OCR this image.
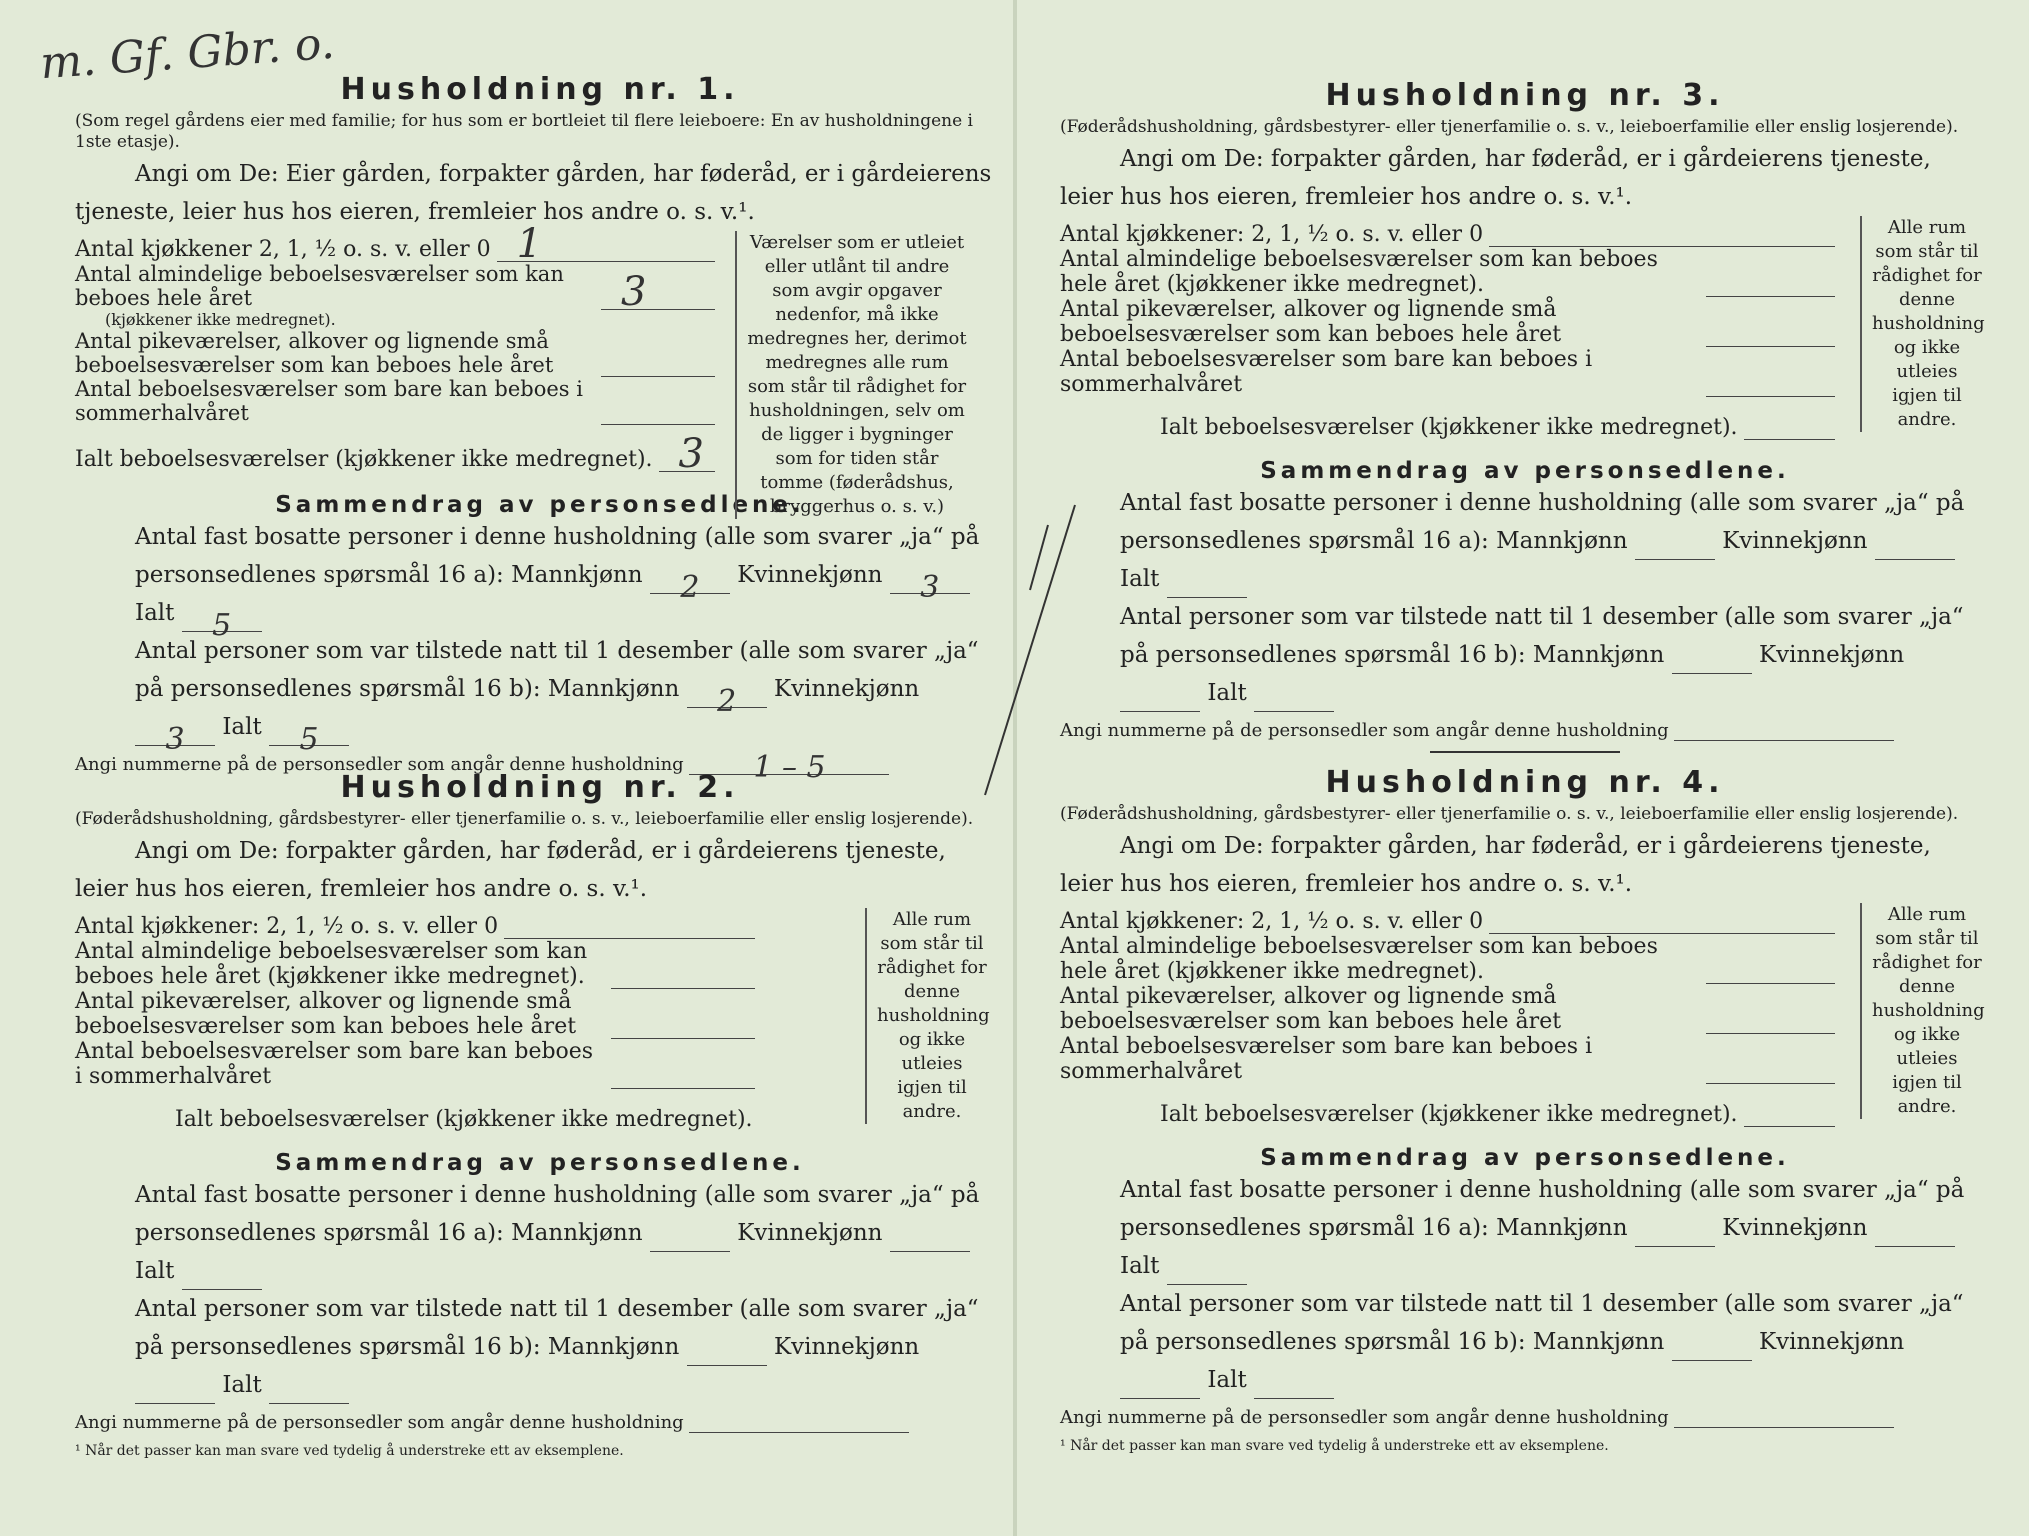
m. Gf. Gbr. o.
Husholdning nr. 1.
(Som regel gårdens eier med familie; for hus som er bortleiet til flere leieboere: En av husholdningene i 1ste etasje).
Angi om De: Eier gården, forpakter gården, har føderåd, er i gårdeierens tjeneste, leier hus hos eieren, fremleier hos andre o. s. v.¹.
Antal kjøkkener 2, 1, ½ o. s. v. eller 0 1
Antal almindelige beboelsesværelser som kan beboes hele året	3
(kjøkkener ikke medregnet).
Antal pikeværelser, alkover og lignende små beboelsesværelser som kan beboes hele året
Antal beboelsesværelser som bare kan beboes i sommerhalvåret
Ialt beboelsesværelser (kjøkkener ikke medregnet). 3
Værelser som er utleiet eller utlånt til andre som avgir opgaver nedenfor, må ikke medregnes her, derimot medregnes alle rum som står til rådighet for husholdningen, selv om de ligger i bygninger som for tiden står tomme (føderådshus, bryggerhus o. s. v.)
Sammendrag av personsedlene.
Antal fast bosatte personer i denne husholdning (alle som svarer „ja“ på personsedlenes spørsmål 16 a): Mannkjønn 2 Kvinnekjønn 3 Ialt 5
Antal personer som var tilstede natt til 1 desember (alle som svarer „ja“ på personsedlenes spørsmål 16 b): Mannkjønn 2 Kvinnekjønn 3 Ialt 5
Angi nummerne på de personsedler som angår denne husholdning 1 – 5
Husholdning nr. 2.
(Føderådshusholdning, gårdsbestyrer- eller tjenerfamilie o. s. v., leieboerfamilie eller enslig losjerende).
Angi om De: forpakter gården, har føderåd, er i gårdeierens tjeneste, leier hus hos eieren, fremleier hos andre o. s. v.¹.
Antal kjøkkener: 2, 1, ½ o. s. v. eller 0
Antal almindelige beboelsesværelser som kan beboes hele året (kjøkkener ikke medregnet).
Antal pikeværelser, alkover og lignende små beboelsesværelser som kan beboes hele året
Antal beboelsesværelser som bare kan beboes i sommerhalvåret
Ialt beboelsesværelser (kjøkkener ikke medregnet).
Alle rum som står til rådighet for denne husholdning og ikke utleies igjen til andre.
Sammendrag av personsedlene.
Antal fast bosatte personer i denne husholdning (alle som svarer „ja“ på personsedlenes spørsmål 16 a): Mannkjønn	Kvinnekjønn  Ialt
Antal personer som var tilstede natt til 1 desember (alle som svarer „ja“ på personsedlenes spørsmål 16 b): Mannkjønn	Kvinnekjønn  Ialt
Angi nummerne på de personsedler som angår denne husholdning
¹ Når det passer kan man svare ved tydelig å understreke ett av eksemplene.
Husholdning nr. 3.
(Føderådshusholdning, gårdsbestyrer- eller tjenerfamilie o. s. v., leieboerfamilie eller enslig losjerende).
Angi om De: forpakter gården, har føderåd, er i gårdeierens tjeneste, leier hus hos eieren, fremleier hos andre o. s. v.¹.
Antal kjøkkener: 2, 1, ½ o. s. v. eller 0
Antal almindelige beboelsesværelser som kan beboes hele året (kjøkkener ikke medregnet).
Antal pikeværelser, alkover og lignende små beboelsesværelser som kan beboes hele året
Antal beboelsesværelser som bare kan beboes i sommerhalvåret
Ialt beboelsesværelser (kjøkkener ikke medregnet).
Alle rum som står til rådighet for denne husholdning og ikke utleies igjen til andre.
Sammendrag av personsedlene.
Antal fast bosatte personer i denne husholdning (alle som svarer „ja“ på personsedlenes spørsmål 16 a): Mannkjønn	Kvinnekjønn  Ialt
Antal personer som var tilstede natt til 1 desember (alle som svarer „ja“ på personsedlenes spørsmål 16 b): Mannkjønn	Kvinnekjønn  Ialt
Angi nummerne på de personsedler som angår denne husholdning
Husholdning nr. 4.
(Føderådshusholdning, gårdsbestyrer- eller tjenerfamilie o. s. v., leieboerfamilie eller enslig losjerende).
Angi om De: forpakter gården, har føderåd, er i gårdeierens tjeneste, leier hus hos eieren, fremleier hos andre o. s. v.¹.
Antal kjøkkener: 2, 1, ½ o. s. v. eller 0
Antal almindelige beboelsesværelser som kan beboes hele året (kjøkkener ikke medregnet).
Antal pikeværelser, alkover og lignende små beboelsesværelser som kan beboes hele året
Antal beboelsesværelser som bare kan beboes i sommerhalvåret
Ialt beboelsesværelser (kjøkkener ikke medregnet).
Alle rum som står til rådighet for denne husholdning og ikke utleies igjen til andre.
Sammendrag av personsedlene.
Antal fast bosatte personer i denne husholdning (alle som svarer „ja“ på personsedlenes spørsmål 16 a): Mannkjønn	Kvinnekjønn  Ialt
Antal personer som var tilstede natt til 1 desember (alle som svarer „ja“ på personsedlenes spørsmål 16 b): Mannkjønn	Kvinnekjønn  Ialt
Angi nummerne på de personsedler som angår denne husholdning
¹ Når det passer kan man svare ved tydelig å understreke ett av eksemplene.
